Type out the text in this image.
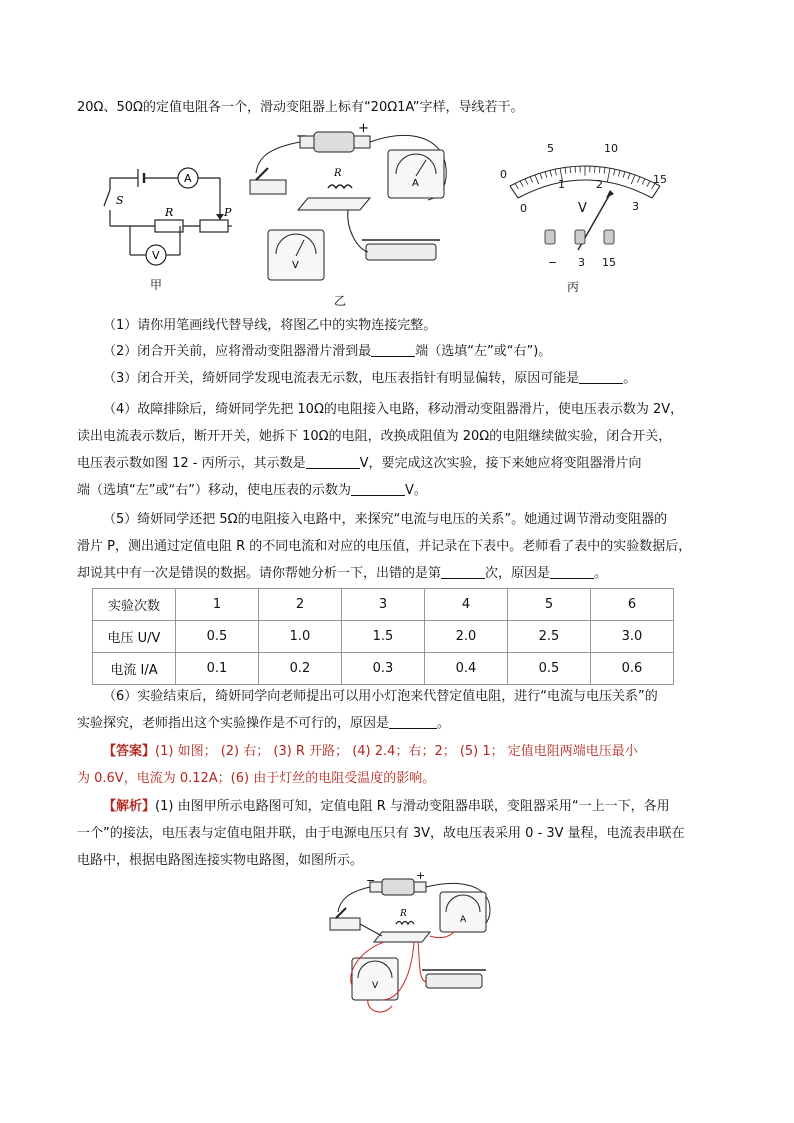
20Ω、50Ω的定值电阻各一个，滑动变阻器上标有“20Ω1A”字样，导线若干。
A
S
R	P
V
甲
−
+
R
A
V
乙
0
5	10
15
0
1	2
3
V
− 3 15
丙
（1）请你用笔画线代替导线，将图乙中的实物连接完整。
（2）闭合开关前，应将滑动变阻器滑片滑到最	端（选填“左”或“右”)。
（3）闭合开关，绮妍同学发现电流表无示数，电压表指针有明显偏转，原因可能是	。
（4）故障排除后，绮妍同学先把 10Ω的电阻接入电路，移动滑动变阻器滑片，使电压表示数为 2V，
读出电流表示数后，断开开关，她拆下 10Ω的电阻，改换成阻值为 20Ω的电阻继续做实验，闭合开关，
电压表示数如图 12 - 丙所示，其示数是	V，要完成这次实验，接下来她应将变阻器滑片向
端（选填“左”或“右”）移动，使电压表的示数为	V。
（5）绮妍同学还把 5Ω的电阻接入电路中，来探究“电流与电压的关系”。她通过调节滑动变阻器的
滑片 P，测出通过定值电阻 R 的不同电流和对应的电压值，并记录在下表中。老师看了表中的实验数据后，
却说其中有一次是错误的数据。请你帮她分析一下，出错的是第	次，原因是	。
实验次数	1	2	3	4	5	6
电压 U/V	0.5	1.0	1.5	2.0	2.5	3.0
电流 I/A	0.1	0.2	0.3	0.4	0.5	0.6
（6）实验结束后，绮妍同学向老师提出可以用小灯泡来代替定值电阻，进行“电流与电压关系”的
实验探究，老师指出这个实验操作是不可行的，原因是	。
【答案】(1) 如图； (2) 右； (3) R 开路； (4) 2.4；右；2； (5) 1； 定值电阻两端电压最小
为 0.6V，电流为 0.12A；(6) 由于灯丝的电阻受温度的影响。
【解析】(1) 由图甲所示电路图可知，定值电阻 R 与滑动变阻器串联，变阻器采用“一上一下，各用
一个”的接法，电压表与定值电阻并联，由于电源电压只有 3V，故电压表采用 0 - 3V 量程，电流表串联在
电路中，根据电路图连接实物电路图，如图所示。
−	+
R
A
V
